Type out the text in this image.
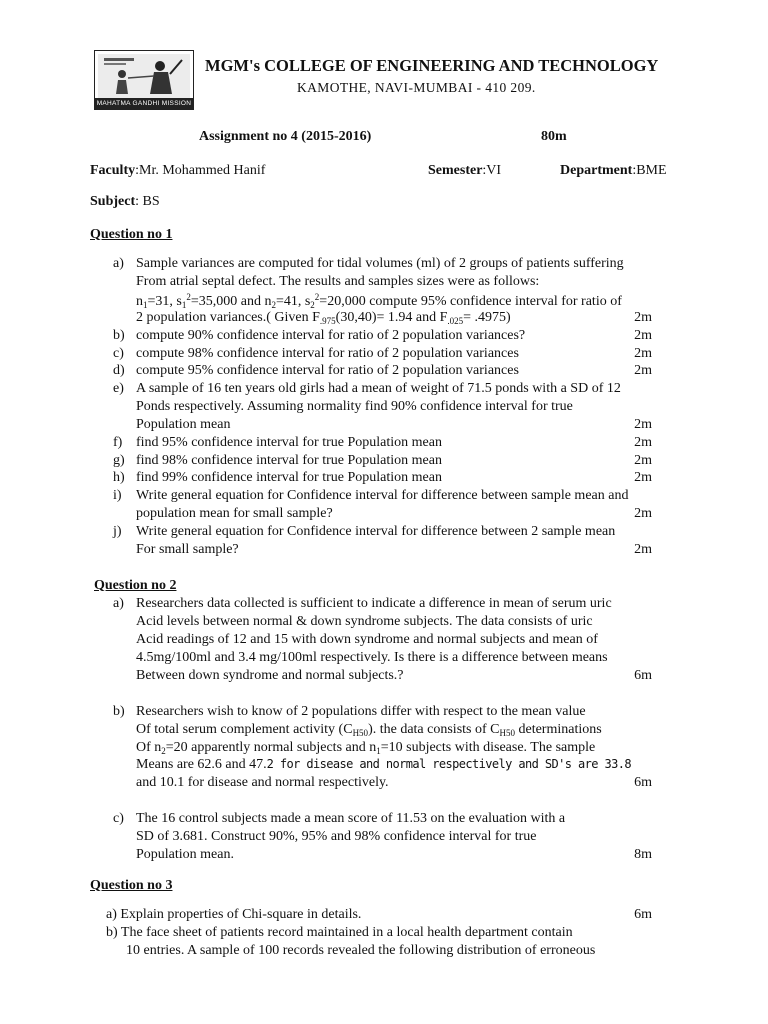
MAHATMA GANDHI MISSION
MGM's COLLEGE OF ENGINEERING AND TECHNOLOGY
KAMOTHE, NAVI-MUMBAI - 410 209.
Assignment no 4 (2015-2016)	80m
Faculty:Mr. Mohammed Hanif	Semester:VI	Department:BME
Subject: BS
Question no 1
a) Sample variances are computed for tidal volumes (ml) of 2 groups of patients suffering
From atrial septal defect. The results and samples sizes were as follows:
$n_1=31$, $s_1^2=35,000$ and $n_2=41$, $s_2^2=20,000$ compute 95% confidence interval for ratio of
2 population variances.( Given $F_{.975}(30,40)= 1.94$ and $F_{.025}= .4975$)	2m
b) compute 90% confidence interval for ratio of 2 population variances?	2m
c) compute 98% confidence interval for ratio of 2 population variances	2m
d) compute 95% confidence interval for ratio of 2 population variances	2m
e) A sample of 16 ten years old girls had a mean of weight of 71.5 ponds with a SD of 12
Ponds respectively. Assuming normality find 90% confidence interval for true
Population mean	2m
f) find 95% confidence interval for true Population mean	2m
g) find 98% confidence interval for true Population mean	2m
h) find 99% confidence interval for true Population mean	2m
i) Write general equation for Confidence interval for difference between sample mean and
population mean for small sample?	2m
j) Write general equation for Confidence interval for difference between 2 sample mean
For small sample?	2m
Question no 2
a) Researchers data collected is sufficient to indicate a difference in mean of serum uric
Acid levels between normal & down syndrome subjects. The data consists of uric
Acid readings of 12 and 15 with down syndrome and normal subjects and mean of
4.5mg/100ml and 3.4 mg/100ml respectively. Is there is a difference between means
Between down syndrome and normal subjects.?	6m
b) Researchers wish to know of 2 populations differ with respect to the mean value
Of total serum complement activity $(C_{H50})$. the data consists of $C_{H50}$ determinations
Of $n_2=20$ apparently normal subjects and $n_1=10$ subjects with disease. The sample
Means are 62.6 and 47.2 for disease and normal respectively and SD's are 33.8
and 10.1 for disease and normal respectively.	6m
c) The 16 control subjects made a mean score of 11.53 on the evaluation with a
SD of 3.681. Construct 90%, 95% and 98% confidence interval for true
Population mean.	8m
Question no 3
a) Explain properties of Chi-square in details.	6m
b) The face sheet of patients record maintained in a local health department contain
10 entries. A sample of 100 records revealed the following distribution of erroneous
